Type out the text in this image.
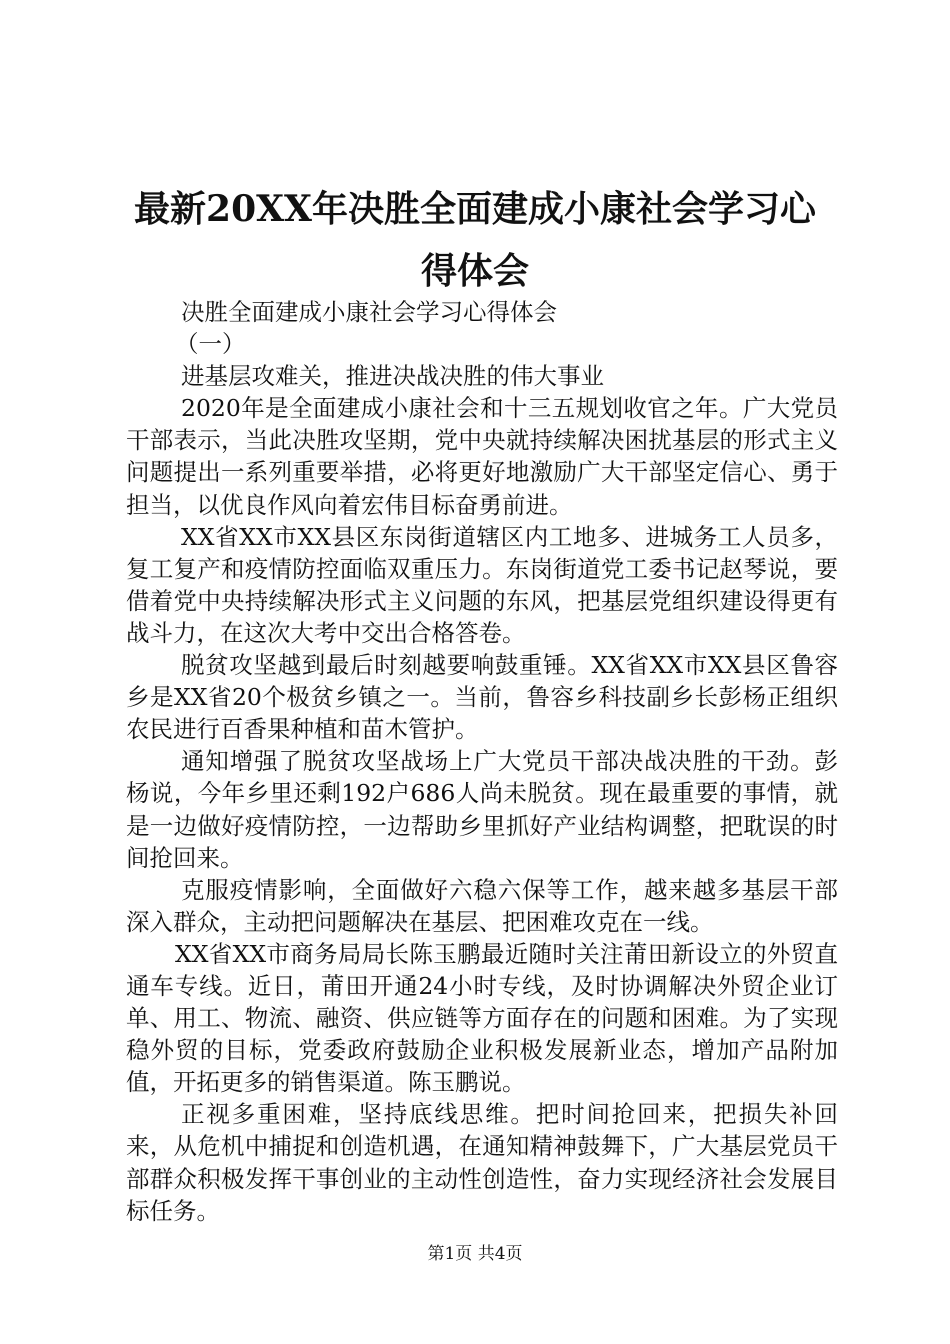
最新20XX年决胜全面建成小康社会学习心得体会

决胜全面建成小康社会学习心得体会

（一）

进基层攻难关，推进决战决胜的伟大事业

2020年是全面建成小康社会和十三五规划收官之年。广大党员干部表示，当此决胜攻坚期，党中央就持续解决困扰基层的形式主义问题提出一系列重要举措，必将更好地激励广大干部坚定信心、勇于担当，以优良作风向着宏伟目标奋勇前进。

XX省XX市XX县区东岗街道辖区内工地多、进城务工人员多，复工复产和疫情防控面临双重压力。东岗街道党工委书记赵琴说，要借着党中央持续解决形式主义问题的东风，把基层党组织建设得更有战斗力，在这次大考中交出合格答卷。

脱贫攻坚越到最后时刻越要响鼓重锤。XX省XX市XX县区鲁容乡是XX省20个极贫乡镇之一。当前，鲁容乡科技副乡长彭杨正组织农民进行百香果种植和苗木管护。

通知增强了脱贫攻坚战场上广大党员干部决战决胜的干劲。彭杨说，今年乡里还剩192户686人尚未脱贫。现在最重要的事情，就是一边做好疫情防控，一边帮助乡里抓好产业结构调整，把耽误的时间抢回来。

克服疫情影响，全面做好六稳六保等工作，越来越多基层干部深入群众，主动把问题解决在基层、把困难攻克在一线。

XX省XX市商务局局长陈玉鹏最近随时关注莆田新设立的外贸直通车专线。近日，莆田开通24小时专线，及时协调解决外贸企业订单、用工、物流、融资、供应链等方面存在的问题和困难。为了实现稳外贸的目标，党委政府鼓励企业积极发展新业态，增加产品附加值，开拓更多的销售渠道。陈玉鹏说。

正视多重困难，坚持底线思维。把时间抢回来，把损失补回来，从危机中捕捉和创造机遇，在通知精神鼓舞下，广大基层党员干部群众积极发挥干事创业的主动性创造性，奋力实现经济社会发展目标任务。

第1页 共4页
